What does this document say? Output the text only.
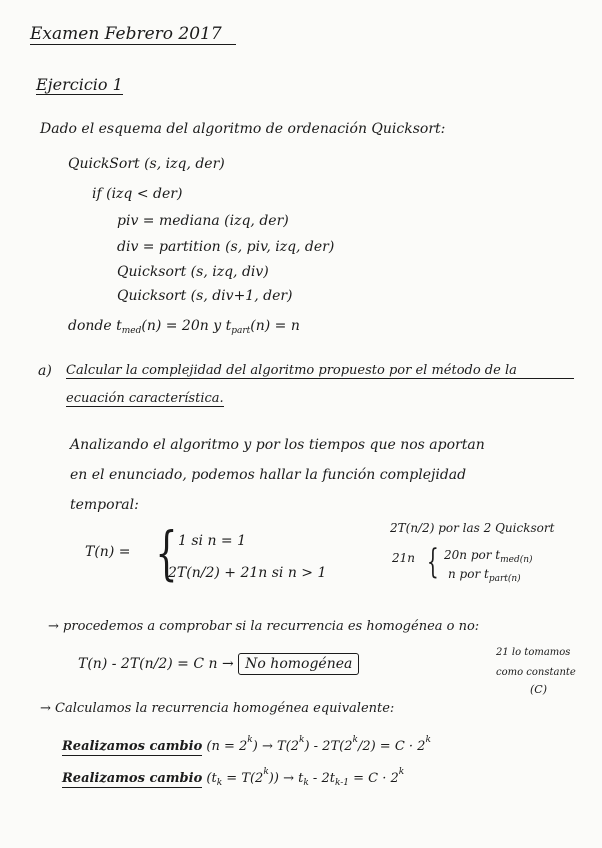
Examen Febrero 2017
Ejercicio 1
Dado el esquema del algoritmo de ordenación Quicksort:
QuickSort (s, izq, der)
if (izq < der)
piv = mediana (izq, der)
div = partition (s, piv, izq, der)
Quicksort (s, izq, div)
Quicksort (s, div+1, der)
donde $t_{med}(n) = 20n$ y $t_{part}(n) = n$
a) Calcular la complejidad del algoritmo propuesto por el método de la
ecuación característica.
Analizando el algoritmo y por los tiempos que nos aportan
en el enunciado, podemos hallar la función complejidad
temporal:
T(n) = { 1 si n = 1
2T(n/2) + 21n si n > 1
2T(n/2) por las 2 Quicksort
21n { 20n por $t_{med(n)}$
n por $t_{part(n)}$
→ procedemos a comprobar si la recurrencia es homogénea o no:
T(n) - 2T(n/2) = C n → No homogénea
21 lo tomamos
como constante
(C)
→ Calculamos la recurrencia homogénea equivalente:
Realizamos cambio $(n = 2^k) \to T(2^k) - 2T(2^k/2) = C \cdot 2^k$
Realizamos cambio $(t_k = T(2^k)) \to t_k - 2t_{k-1} = C \cdot 2^k$
